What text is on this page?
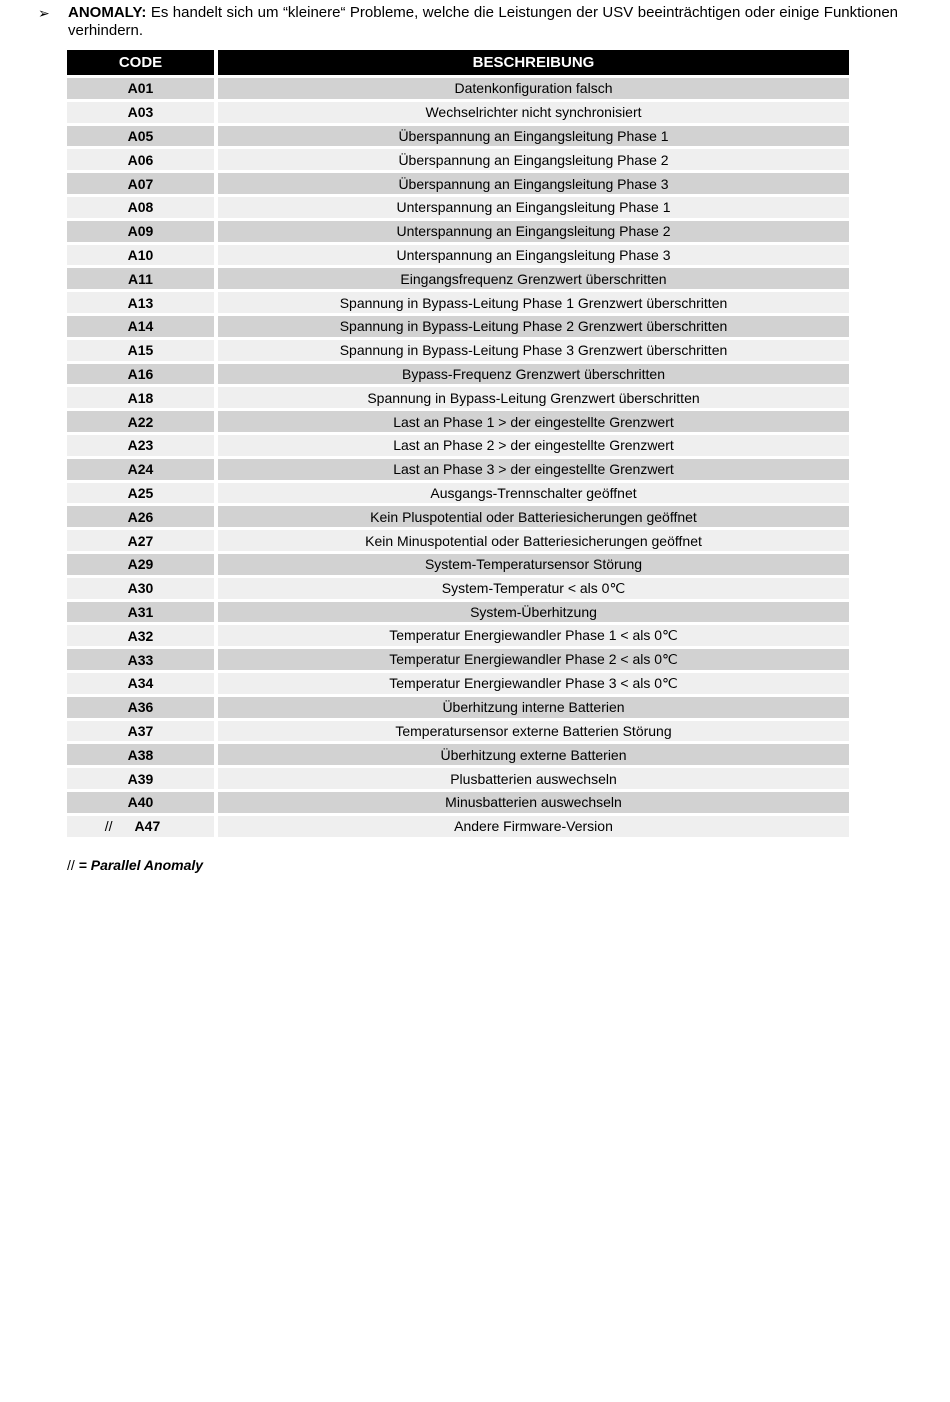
➢ ANOMALY: Es handelt sich um “kleinere“ Probleme, welche die Leistungen der USV beeinträchtigen oder einige Funktionen verhindern.
CODE		BESCHREIBUNG
A01		Datenkonfiguration falsch
A03		Wechselrichter nicht synchronisiert
A05		Überspannung an Eingangsleitung Phase 1
A06		Überspannung an Eingangsleitung Phase 2
A07		Überspannung an Eingangsleitung Phase 3
A08		Unterspannung an Eingangsleitung Phase 1
A09		Unterspannung an Eingangsleitung Phase 2
A10		Unterspannung an Eingangsleitung Phase 3
A11		Eingangsfrequenz Grenzwert überschritten
A13		Spannung in Bypass-Leitung Phase 1 Grenzwert überschritten
A14		Spannung in Bypass-Leitung Phase 2 Grenzwert überschritten
A15		Spannung in Bypass-Leitung Phase 3 Grenzwert überschritten
A16		Bypass-Frequenz Grenzwert überschritten
A18		Spannung in Bypass-Leitung Grenzwert überschritten
A22		Last an Phase 1 > der eingestellte Grenzwert
A23		Last an Phase 2 > der eingestellte Grenzwert
A24		Last an Phase 3 > der eingestellte Grenzwert
A25		Ausgangs-Trennschalter geöffnet
A26		Kein Pluspotential oder Batteriesicherungen geöffnet
A27		Kein Minuspotential oder Batteriesicherungen geöffnet
A29		System-Temperatursensor Störung
A30		System-Temperatur < als 0℃
A31		System-Überhitzung
A32		Temperatur Energiewandler Phase 1 < als 0℃
A33		Temperatur Energiewandler Phase 2 < als 0℃
A34		Temperatur Energiewandler Phase 3 < als 0℃
A36		Überhitzung interne Batterien
A37		Temperatursensor externe Batterien Störung
A38		Überhitzung externe Batterien
A39		Plusbatterien auswechseln
A40		Minusbatterien auswechseln
// A47		Andere Firmware-Version
// = Parallel Anomaly
